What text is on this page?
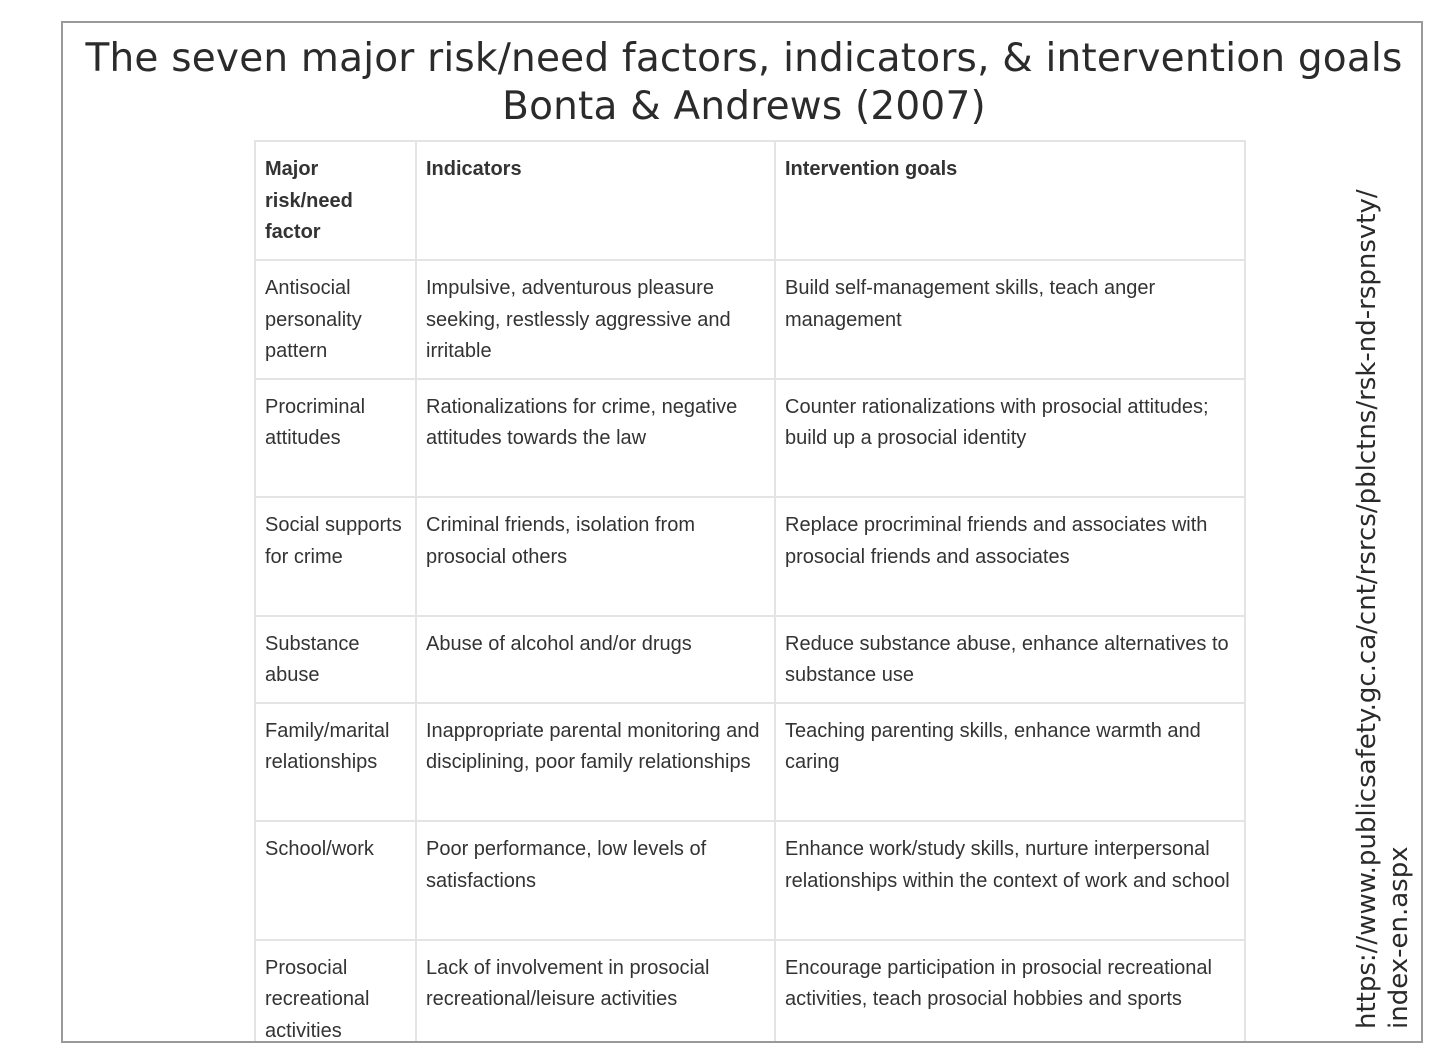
The seven major risk/need factors, indicators, & intervention goals
Bonta & Andrews (2007)
Major risk/need factor	Indicators	Intervention goals
Antisocial personality pattern	Impulsive, adventurous pleasure seeking, restlessly aggressive and irritable	Build self-management skills, teach anger management
Procriminal attitudes	Rationalizations for crime, negative attitudes towards the law	Counter rationalizations with prosocial attitudes; build up a prosocial identity
Social supports for crime	Criminal friends, isolation from prosocial others	Replace procriminal friends and associates with prosocial friends and associates
Substance abuse	Abuse of alcohol and/or drugs	Reduce substance abuse, enhance alternatives to substance use
Family/marital relationships	Inappropriate parental monitoring and disciplining, poor family relationships	Teaching parenting skills, enhance warmth and caring
School/work	Poor performance, low levels of satisfactions	Enhance work/study skills, nurture interpersonal relationships within the context of work and school
Prosocial recreational activities	Lack of involvement in prosocial recreational/leisure activities	Encourage participation in prosocial recreational activities, teach prosocial hobbies and sports	https://www.publicsafety.gc.ca/cnt/rsrcs/pblctns/rsk-nd-rspnsvty/ index-en.aspx
